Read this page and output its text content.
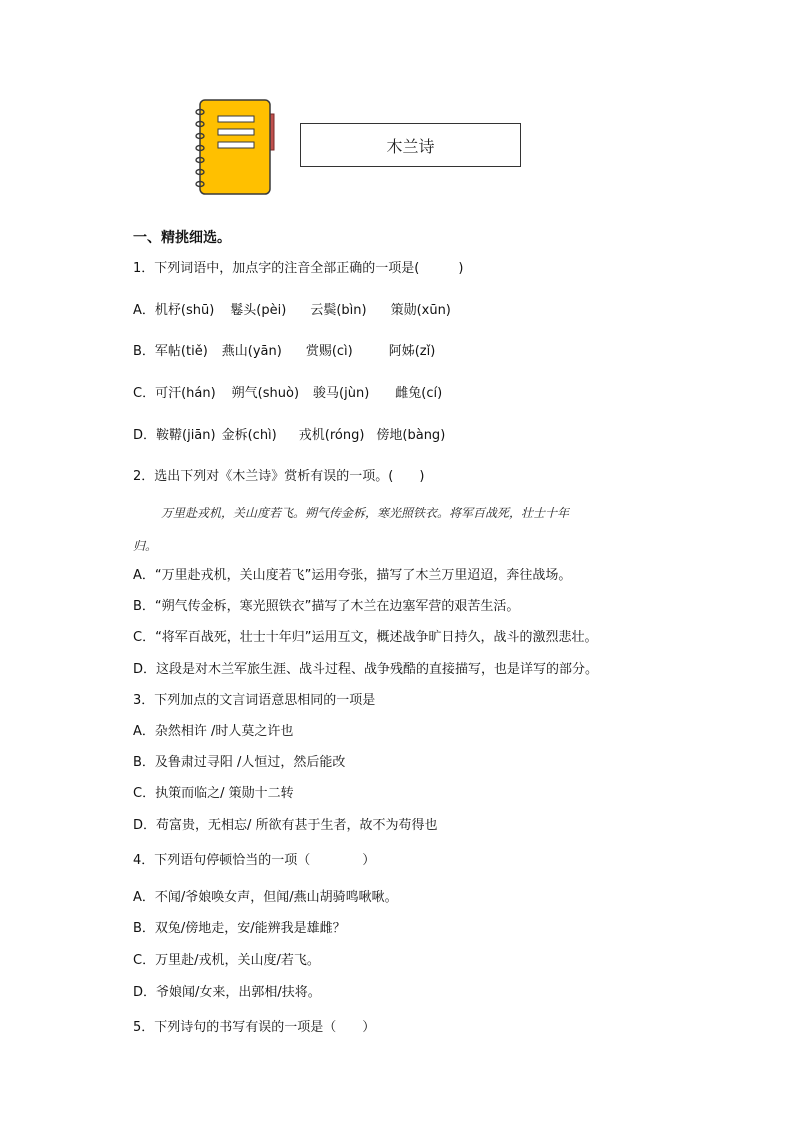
木兰诗
一、精挑细选。
1．下列词语中，加点字的注音全部正确的一项是(　　　)
A．机杼(shū) 鬈头(pèi) 云鬓(bìn) 策勋(xūn)
B．军帖(tiě) 燕山(yān) 赏赐(cì)	阿姊(zǐ)
C．可汗(hán) 朔气(shuò) 骏马(jùn) 雌兔(cí)
D．鞍鞯(jiān) 金柝(chì) 戎机(róng) 傍地(bàng)
2．选出下列对《木兰诗》赏析有误的一项。(　　)
万里赴戎机，关山度若飞。朔气传金柝，寒光照铁衣。将军百战死，壮士十年
归。
A．“万里赴戎机，关山度若飞”运用夸张，描写了木兰万里迢迢，奔往战场。
B．“朔气传金柝，寒光照铁衣”描写了木兰在边塞军营的艰苦生活。
C．“将军百战死，壮士十年归”运用互文，概述战争旷日持久，战斗的激烈悲壮。
D．这段是对木兰军旅生涯、战斗过程、战争残酷的直接描写，也是详写的部分。
3．下列加点的文言词语意思相同的一项是
A．杂然相许 /时人莫之许也
B．及鲁肃过寻阳 /人恒过，然后能改
C．执策而临之/ 策勋十二转
D．苟富贵，无相忘/ 所欲有甚于生者，故不为苟得也
4．下列语句停顿恰当的一项（　　　　）
A．不闻/爷娘唤女声，但闻/燕山胡骑鸣啾啾。
B．双兔/傍地走，安/能辨我是雄雌？
C．万里赴/戎机，关山度/若飞。
D．爷娘闻/女来，出郭相/扶将。
5．下列诗句的书写有误的一项是（　　）
